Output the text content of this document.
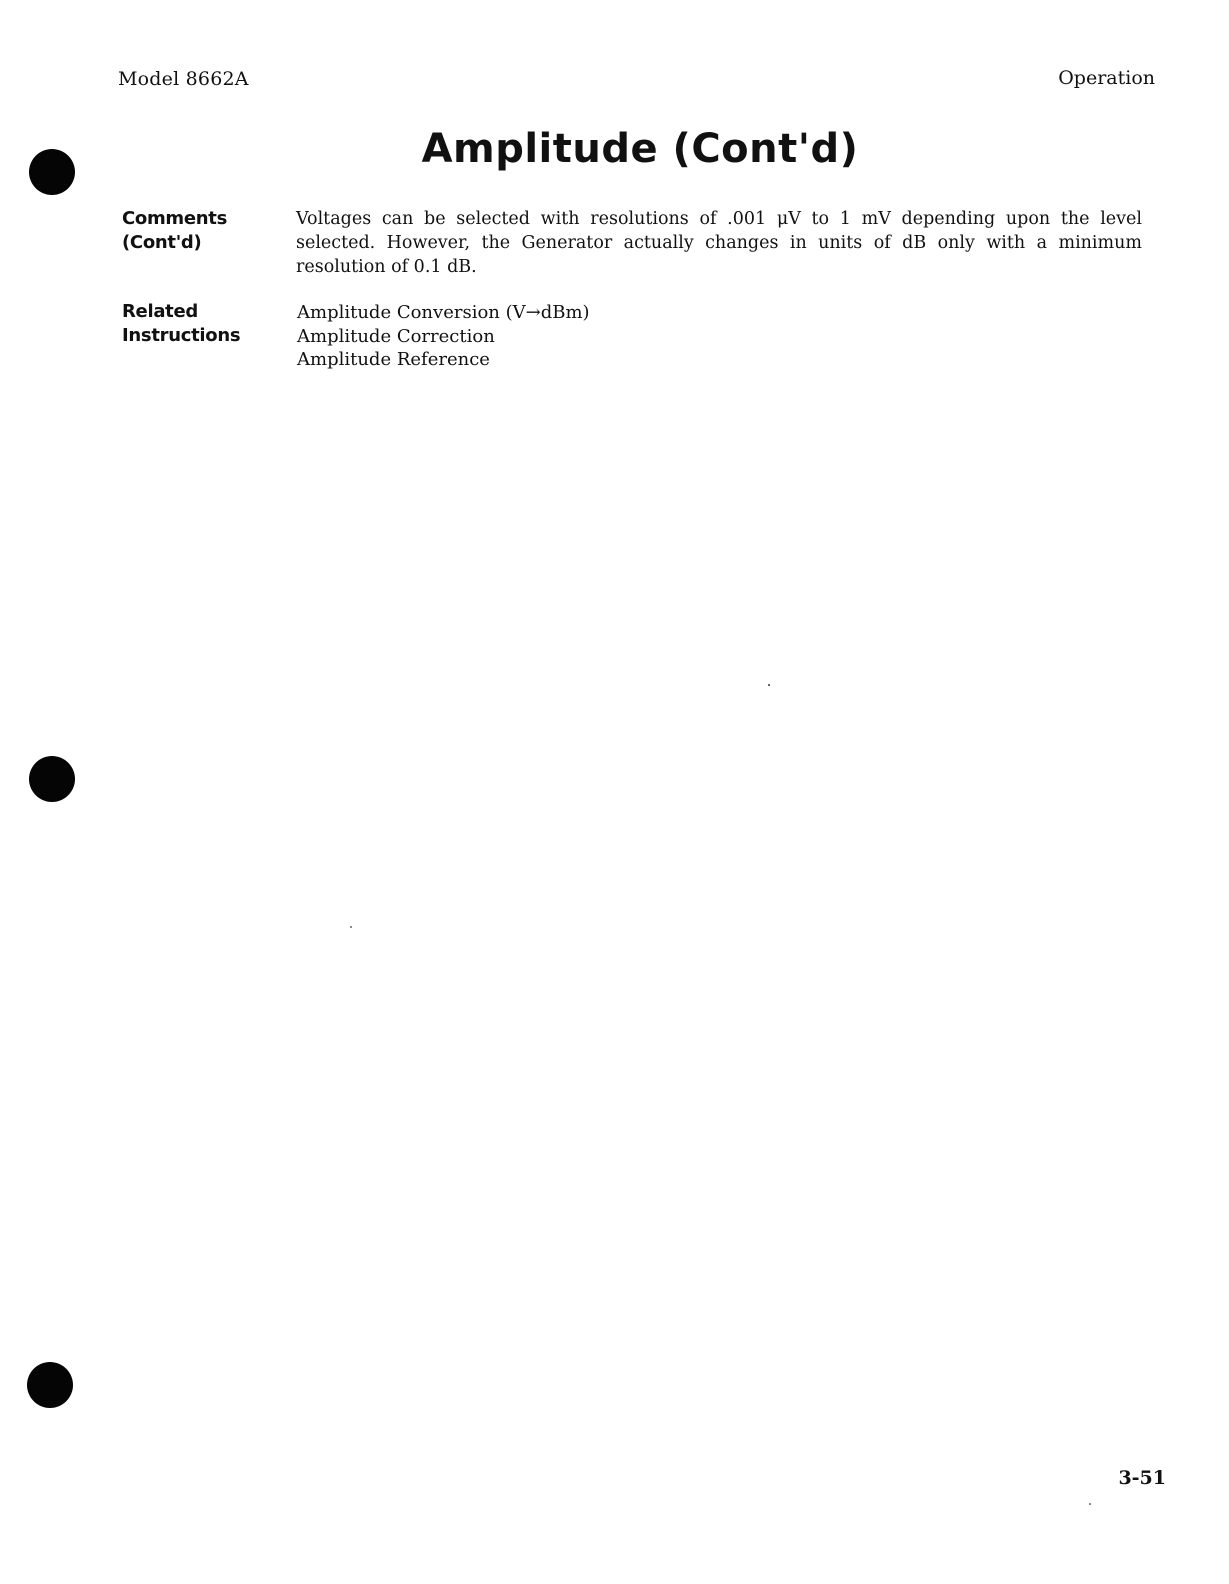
Model 8662A	Operation
Amplitude (Cont'd)
Comments
(Cont'd)
Voltages can be selected with resolutions of .001 μV to 1 mV depending upon the level selected. However, the Generator actually changes in units of dB only with a minimum resolution of 0.1 dB.
Related
Instructions
Amplitude Conversion (V→dBm)
Amplitude Correction
Amplitude Reference
3-51
